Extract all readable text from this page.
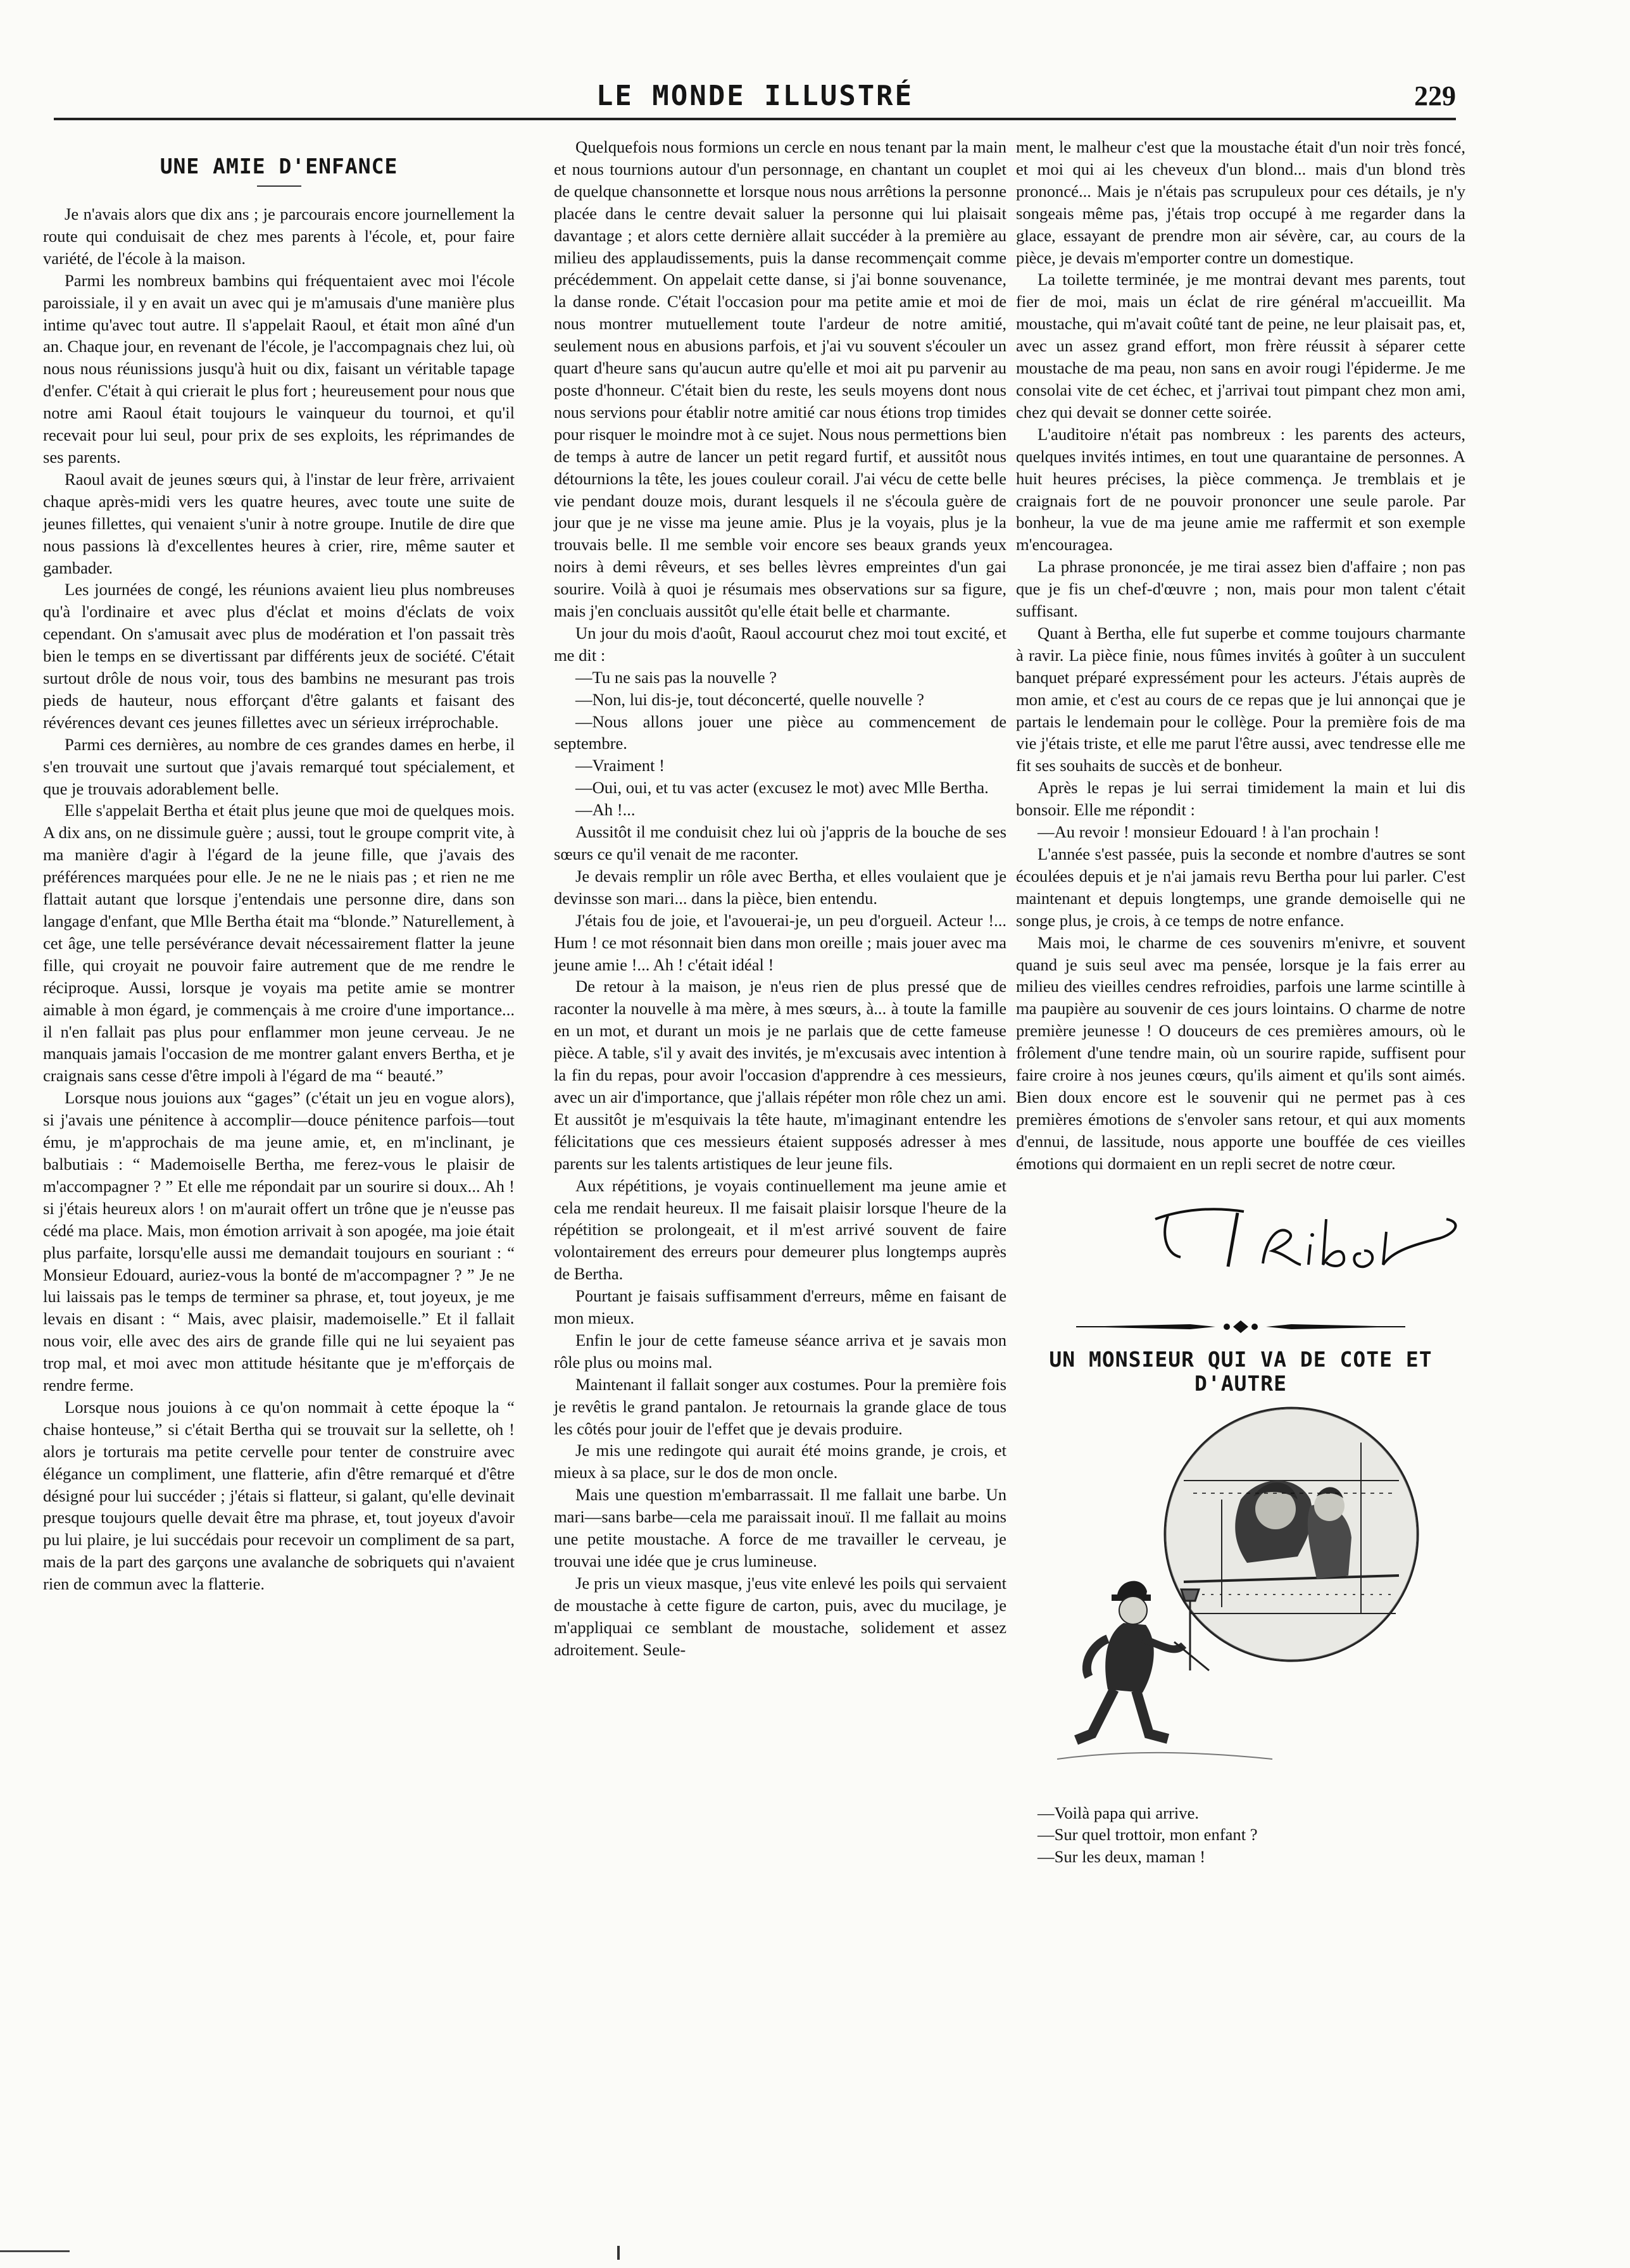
LE MONDE ILLUSTRÉ	229
UNE AMIE D'ENFANCE

Je n'avais alors que dix ans ; je parcourais encore journellement la route qui conduisait de chez mes parents à l'école, et, pour faire variété, de l'école à la maison.

Parmi les nombreux bambins qui fréquentaient avec moi l'école paroissiale, il y en avait un avec qui je m'amusais d'une manière plus intime qu'avec tout autre. Il s'appelait Raoul, et était mon aîné d'un an. Chaque jour, en revenant de l'école, je l'accompagnais chez lui, où nous nous réunissions jusqu'à huit ou dix, faisant un véritable tapage d'enfer. C'était à qui crierait le plus fort ; heureusement pour nous que notre ami Raoul était toujours le vainqueur du tournoi, et qu'il recevait pour lui seul, pour prix de ses exploits, les réprimandes de ses parents.

Raoul avait de jeunes sœurs qui, à l'instar de leur frère, arrivaient chaque après-midi vers les quatre heures, avec toute une suite de jeunes fillettes, qui venaient s'unir à notre groupe. Inutile de dire que nous passions là d'excellentes heures à crier, rire, même sauter et gambader.

Les journées de congé, les réunions avaient lieu plus nombreuses qu'à l'ordinaire et avec plus d'éclat et moins d'éclats de voix cependant. On s'amusait avec plus de modération et l'on passait très bien le temps en se divertissant par différents jeux de société. C'était surtout drôle de nous voir, tous des bambins ne mesurant pas trois pieds de hauteur, nous efforçant d'être galants et faisant des révérences devant ces jeunes fillettes avec un sérieux irréprochable.

Parmi ces dernières, au nombre de ces grandes dames en herbe, il s'en trouvait une surtout que j'avais remarqué tout spécialement, et que je trouvais adorablement belle.

Elle s'appelait Bertha et était plus jeune que moi de quelques mois. A dix ans, on ne dissimule guère ; aussi, tout le groupe comprit vite, à ma manière d'agir à l'égard de la jeune fille, que j'avais des préférences marquées pour elle. Je ne ne le niais pas ; et rien ne me flattait autant que lorsque j'entendais une personne dire, dans son langage d'enfant, que Mlle Bertha était ma “blonde.” Naturellement, à cet âge, une telle persévérance devait nécessairement flatter la jeune fille, qui croyait ne pouvoir faire autrement que de me rendre le réciproque. Aussi, lorsque je voyais ma petite amie se montrer aimable à mon égard, je commençais à me croire d'une importance... il n'en fallait pas plus pour enflammer mon jeune cerveau. Je ne manquais jamais l'occasion de me montrer galant envers Bertha, et je craignais sans cesse d'être impoli à l'égard de ma “ beauté.”

Lorsque nous jouions aux “gages” (c'était un jeu en vogue alors), si j'avais une pénitence à accomplir—douce pénitence parfois—tout ému, je m'approchais de ma jeune amie, et, en m'inclinant, je balbutiais : “ Mademoiselle Bertha, me ferez-vous le plaisir de m'accompagner ? ” Et elle me répondait par un sourire si doux... Ah ! si j'étais heureux alors ! on m'aurait offert un trône que je n'eusse pas cédé ma place. Mais, mon émotion arrivait à son apogée, ma joie était plus parfaite, lorsqu'elle aussi me demandait toujours en souriant : “ Monsieur Edouard, auriez-vous la bonté de m'accompagner ? ” Je ne lui laissais pas le temps de terminer sa phrase, et, tout joyeux, je me levais en disant : “ Mais, avec plaisir, mademoiselle.” Et il fallait nous voir, elle avec des airs de grande fille qui ne lui seyaient pas trop mal, et moi avec mon attitude hésitante que je m'efforçais de rendre ferme.

Lorsque nous jouions à ce qu'on nommait à cette époque la “ chaise honteuse,” si c'était Bertha qui se trouvait sur la sellette, oh ! alors je torturais ma petite cervelle pour tenter de construire avec élégance un compliment, une flatterie, afin d'être remarqué et d'être désigné pour lui succéder ; j'étais si flatteur, si galant, qu'elle devinait presque toujours quelle devait être ma phrase, et, tout joyeux d'avoir pu lui plaire, je lui succédais pour recevoir un compliment de sa part, mais de la part des garçons une avalanche de sobriquets qui n'avaient rien de commun avec la flatterie.

Quelquefois nous formions un cercle en nous tenant par la main et nous tournions autour d'un personnage, en chantant un couplet de quelque chansonnette et lorsque nous nous arrêtions la personne placée dans le centre devait saluer la personne qui lui plaisait davantage ; et alors cette dernière allait succéder à la première au milieu des applaudissements, puis la danse recommençait comme précédemment. On appelait cette danse, si j'ai bonne souvenance, la danse ronde. C'était l'occasion pour ma petite amie et moi de nous montrer mutuellement toute l'ardeur de notre amitié, seulement nous en abusions parfois, et j'ai vu souvent s'écouler un quart d'heure sans qu'aucun autre qu'elle et moi ait pu parvenir au poste d'honneur. C'était bien du reste, les seuls moyens dont nous nous servions pour établir notre amitié car nous étions trop timides pour risquer le moindre mot à ce sujet. Nous nous permettions bien de temps à autre de lancer un petit regard furtif, et aussitôt nous détournions la tête, les joues couleur corail. J'ai vécu de cette belle vie pendant douze mois, durant lesquels il ne s'écoula guère de jour que je ne visse ma jeune amie. Plus je la voyais, plus je la trouvais belle. Il me semble voir encore ses beaux grands yeux noirs à demi rêveurs, et ses belles lèvres empreintes d'un gai sourire. Voilà à quoi je résumais mes observations sur sa figure, mais j'en concluais aussitôt qu'elle était belle et charmante.

Un jour du mois d'août, Raoul accourut chez moi tout excité, et me dit :

—Tu ne sais pas la nouvelle ?

—Non, lui dis-je, tout déconcerté, quelle nouvelle ?

—Nous allons jouer une pièce au commencement de septembre.

—Vraiment !

—Oui, oui, et tu vas acter (excusez le mot) avec Mlle Bertha.

—Ah !...

Aussitôt il me conduisit chez lui où j'appris de la bouche de ses sœurs ce qu'il venait de me raconter.

Je devais remplir un rôle avec Bertha, et elles voulaient que je devinsse son mari... dans la pièce, bien entendu.

J'étais fou de joie, et l'avouerai-je, un peu d'orgueil. Acteur !... Hum ! ce mot résonnait bien dans mon oreille ; mais jouer avec ma jeune amie !... Ah ! c'était idéal !

De retour à la maison, je n'eus rien de plus pressé que de raconter la nouvelle à ma mère, à mes sœurs, à... à toute la famille en un mot, et durant un mois je ne parlais que de cette fameuse pièce. A table, s'il y avait des invités, je m'excusais avec intention à la fin du repas, pour avoir l'occasion d'apprendre à ces messieurs, avec un air d'importance, que j'allais répéter mon rôle chez un ami. Et aussitôt je m'esquivais la tête haute, m'imaginant entendre les félicitations que ces messieurs étaient supposés adresser à mes parents sur les talents artistiques de leur jeune fils.

Aux répétitions, je voyais continuellement ma jeune amie et cela me rendait heureux. Il me faisait plaisir lorsque l'heure de la répétition se prolongeait, et il m'est arrivé souvent de faire volontairement des erreurs pour demeurer plus longtemps auprès de Bertha.

Pourtant je faisais suffisamment d'erreurs, même en faisant de mon mieux.

Enfin le jour de cette fameuse séance arriva et je savais mon rôle plus ou moins mal.

Maintenant il fallait songer aux costumes. Pour la première fois je revêtis le grand pantalon. Je retournais la grande glace de tous les côtés pour jouir de l'effet que je devais produire.

Je mis une redingote qui aurait été moins grande, je crois, et mieux à sa place, sur le dos de mon oncle.

Mais une question m'embarrassait. Il me fallait une barbe. Un mari—sans barbe—cela me paraissait inouï. Il me fallait au moins une petite moustache. A force de me travailler le cerveau, je trouvai une idée que je crus lumineuse.

Je pris un vieux masque, j'eus vite enlevé les poils qui servaient de moustache à cette figure de carton, puis, avec du mucilage, je m'appliquai ce semblant de moustache, solidement et assez adroitement. Seule-

ment, le malheur c'est que la moustache était d'un noir très foncé, et moi qui ai les cheveux d'un blond... mais d'un blond très prononcé... Mais je n'étais pas scrupuleux pour ces détails, je n'y songeais même pas, j'étais trop occupé à me regarder dans la glace, essayant de prendre mon air sévère, car, au cours de la pièce, je devais m'emporter contre un domestique.

La toilette terminée, je me montrai devant mes parents, tout fier de moi, mais un éclat de rire général m'accueillit. Ma moustache, qui m'avait coûté tant de peine, ne leur plaisait pas, et, avec un assez grand effort, mon frère réussit à séparer cette moustache de ma peau, non sans en avoir rougi l'épiderme. Je me consolai vite de cet échec, et j'arrivai tout pimpant chez mon ami, chez qui devait se donner cette soirée.

L'auditoire n'était pas nombreux : les parents des acteurs, quelques invités intimes, en tout une quarantaine de personnes. A huit heures précises, la pièce commença. Je tremblais et je craignais fort de ne pouvoir prononcer une seule parole. Par bonheur, la vue de ma jeune amie me raffermit et son exemple m'encouragea.

La phrase prononcée, je me tirai assez bien d'affaire ; non pas que je fis un chef-d'œuvre ; non, mais pour mon talent c'était suffisant.

Quant à Bertha, elle fut superbe et comme toujours charmante à ravir. La pièce finie, nous fûmes invités à goûter à un succulent banquet préparé expressément pour les acteurs. J'étais auprès de mon amie, et c'est au cours de ce repas que je lui annonçai que je partais le lendemain pour le collège. Pour la première fois de ma vie j'étais triste, et elle me parut l'être aussi, avec tendresse elle me fit ses souhaits de succès et de bonheur.

Après le repas je lui serrai timidement la main et lui dis bonsoir. Elle me répondit :

—Au revoir ! monsieur Edouard ! à l'an prochain !

L'année s'est passée, puis la seconde et nombre d'autres se sont écoulées depuis et je n'ai jamais revu Bertha pour lui parler. C'est maintenant et depuis longtemps, une grande demoiselle qui ne songe plus, je crois, à ce temps de notre enfance.

Mais moi, le charme de ces souvenirs m'enivre, et souvent quand je suis seul avec ma pensée, lorsque je la fais errer au milieu des vieilles cendres refroidies, parfois une larme scintille à ma paupière au souvenir de ces jours lointains. O charme de notre première jeunesse ! O douceurs de ces premières amours, où le frôlement d'une tendre main, où un sourire rapide, suffisent pour faire croire à nos jeunes cœurs, qu'ils aiment et qu'ils sont aimés. Bien doux encore est le souvenir qui ne permet pas à ces premières émotions de s'envoler sans retour, et qui aux moments d'ennui, de lassitude, nous apporte une bouffée de ces vieilles émotions qui dormaient en un repli secret de notre cœur.

UN MONSIEUR QUI VA DE COTE ET
D'AUTRE

—Voilà papa qui arrive.

—Sur quel trottoir, mon enfant ?

—Sur les deux, maman !
